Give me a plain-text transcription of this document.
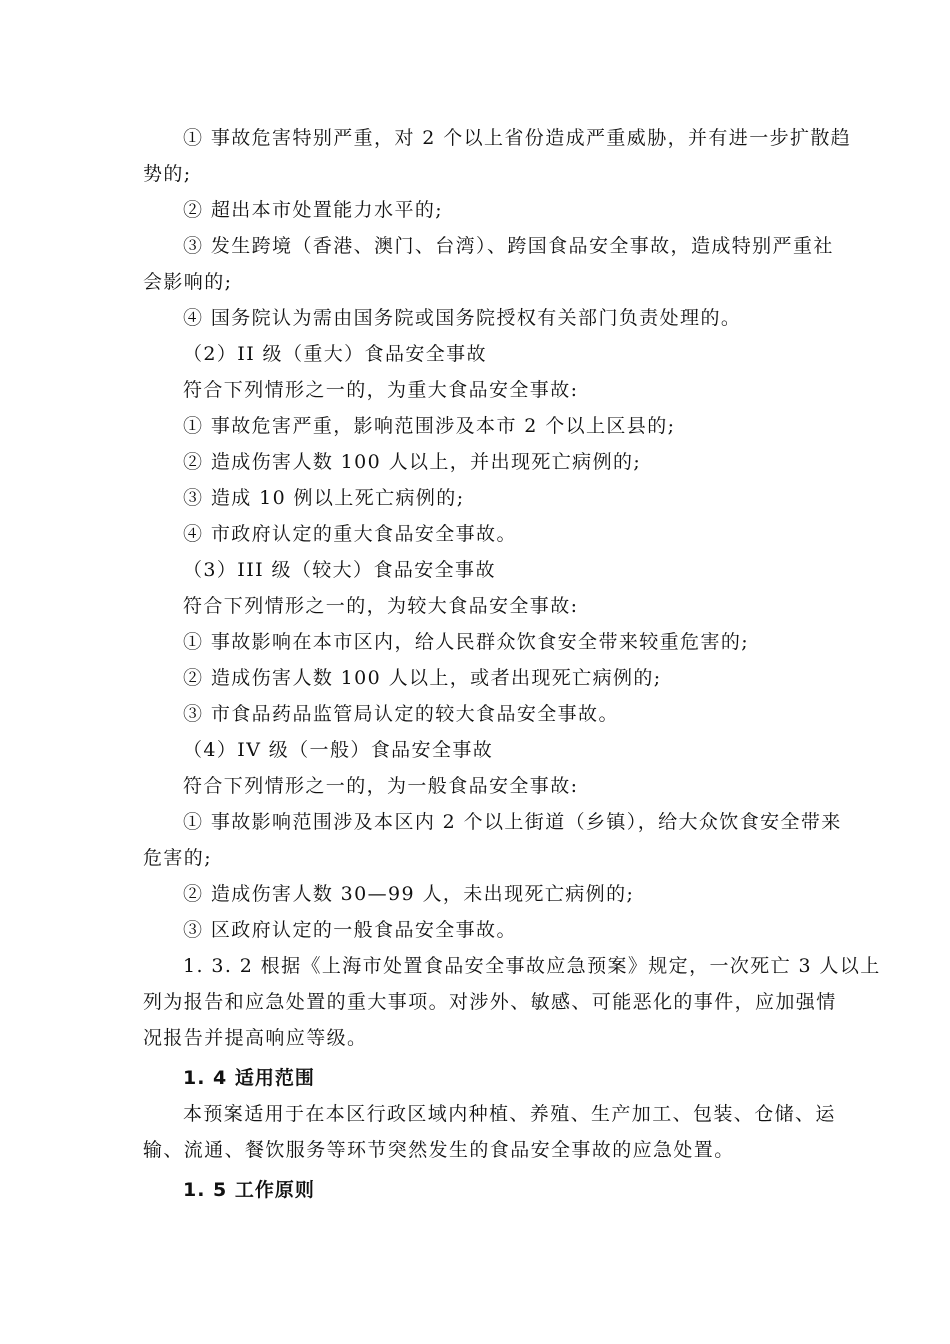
① 事故危害特别严重，对 2 个以上省份造成严重威胁，并有进一步扩散趋
势的;
② 超出本市处置能力水平的;
③ 发生跨境（香港、澳门、台湾）、跨国食品安全事故，造成特别严重社
会影响的;
④ 国务院认为需由国务院或国务院授权有关部门负责处理的。
（2）II 级（重大）食品安全事故
符合下列情形之一的，为重大食品安全事故:
① 事故危害严重，影响范围涉及本市 2 个以上区县的;
② 造成伤害人数 100 人以上，并出现死亡病例的;
③ 造成 10 例以上死亡病例的;
④ 市政府认定的重大食品安全事故。
（3）III 级（较大）食品安全事故
符合下列情形之一的，为较大食品安全事故:
① 事故影响在本市区内，给人民群众饮食安全带来较重危害的;
② 造成伤害人数 100 人以上，或者出现死亡病例的;
③ 市食品药品监管局认定的较大食品安全事故。
（4）IV 级（一般）食品安全事故
符合下列情形之一的，为一般食品安全事故:
① 事故影响范围涉及本区内 2 个以上街道（乡镇），给大众饮食安全带来
危害的;
② 造成伤害人数 30—99 人，未出现死亡病例的;
③ 区政府认定的一般食品安全事故。
1. 3. 2 根据《上海市处置食品安全事故应急预案》规定，一次死亡 3 人以上
列为报告和应急处置的重大事项。对涉外、敏感、可能恶化的事件，应加强情
况报告并提高响应等级。
1. 4 适用范围
本预案适用于在本区行政区域内种植、养殖、生产加工、包装、仓储、运
输、流通、餐饮服务等环节突然发生的食品安全事故的应急处置。
1. 5 工作原则
